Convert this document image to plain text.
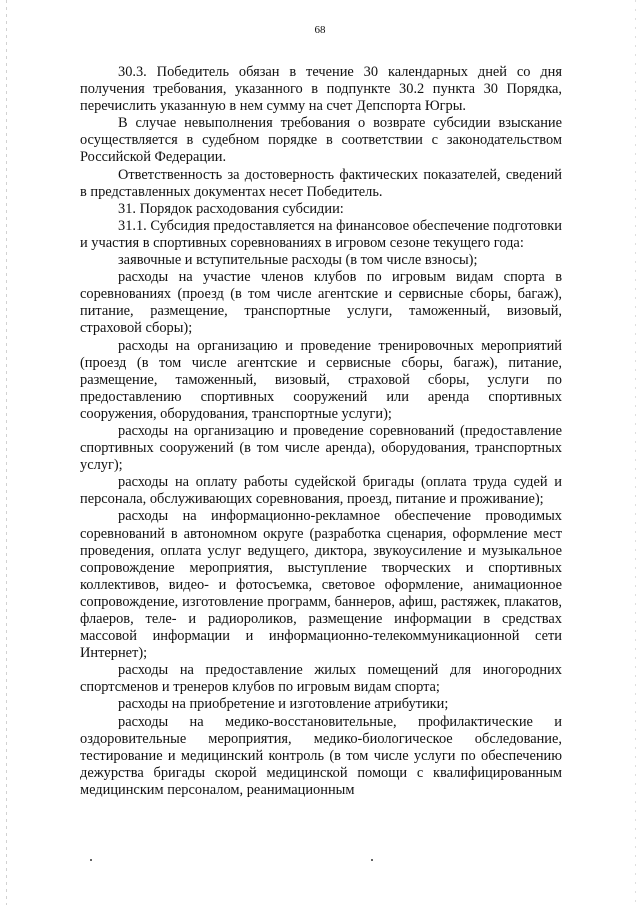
68

30.3. Победитель обязан в течение 30 календарных дней со дня получения требования, указанного в подпункте 30.2 пункта 30 Порядка, перечислить указанную в нем сумму на счет Депспорта Югры.

В случае невыполнения требования о возврате субсидии взыскание осуществляется в судебном порядке в соответствии с законодательством Российской Федерации.

Ответственность за достоверность фактических показателей, сведений в представленных документах несет Победитель.

31. Порядок расходования субсидии:

31.1. Субсидия предоставляется на финансовое обеспечение подготовки и участия в спортивных соревнованиях в игровом сезоне текущего года:

заявочные и вступительные расходы (в том числе взносы);

расходы на участие членов клубов по игровым видам спорта в соревнованиях (проезд (в том числе агентские и сервисные сборы, багаж), питание, размещение, транспортные услуги, таможенный, визовый, страховой сборы);

расходы на организацию и проведение тренировочных мероприятий (проезд (в том числе агентские и сервисные сборы, багаж), питание, размещение, таможенный, визовый, страховой сборы, услуги по предоставлению спортивных сооружений или аренда спортивных сооружения, оборудования, транспортные услуги);

расходы на организацию и проведение соревнований (предоставление спортивных сооружений (в том числе аренда), оборудования, транспортных услуг);

расходы на оплату работы судейской бригады (оплата труда судей и персонала, обслуживающих соревнования, проезд, питание и проживание);

расходы на информационно-рекламное обеспечение проводимых соревнований в автономном округе (разработка сценария, оформление мест проведения, оплата услуг ведущего, диктора, звукоусиление и музыкальное сопровождение мероприятия, выступление творческих и спортивных коллективов, видео- и фотосъемка, световое оформление, анимационное сопровождение, изготовление программ, баннеров, афиш, растяжек, плакатов, флаеров, теле- и радиороликов, размещение информации в средствах массовой информации и информационно-телекоммуникационной сети Интернет);

расходы на предоставление жилых помещений для иногородних спортсменов и тренеров клубов по игровым видам спорта;

расходы на приобретение и изготовление атрибутики;

расходы на медико-восстановительные, профилактические и оздоровительные мероприятия, медико-биологическое обследование, тестирование и медицинский контроль (в том числе услуги по обеспечению дежурства бригады скорой медицинской помощи с квалифицированным медицинским персоналом, реанимационным
